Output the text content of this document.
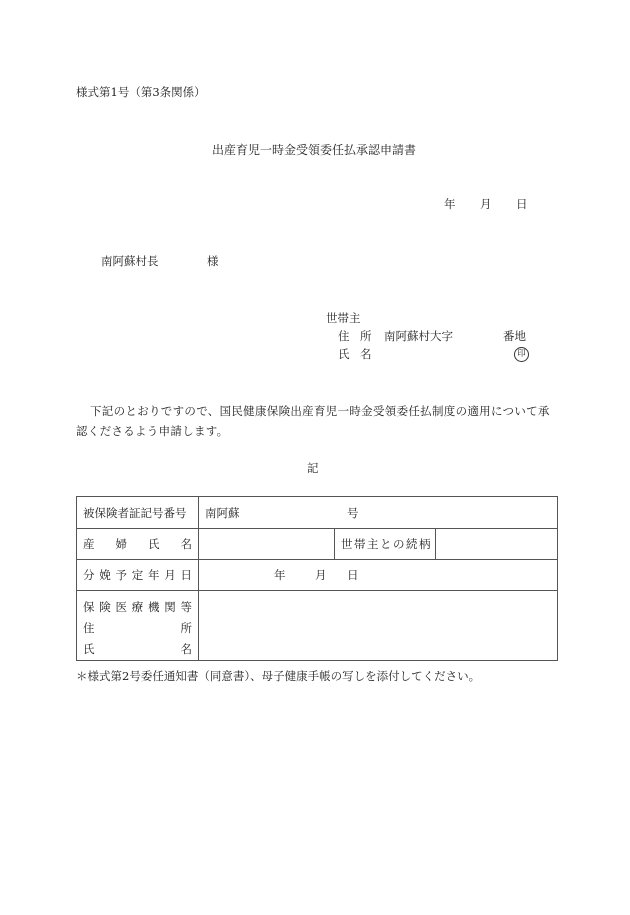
様式第1号（第3条関係）
出産育児一時金受領委任払承認申請書
年 月 日
南阿蘇村長	様
世帯主
住 所 南阿蘇村大字	番地
氏 名	印
下記のとおりですので、国民健康保険出産育児一時金受領委任払制度の適用について承
認くださるよう申請します。
記
被保険者証記号番号	南阿蘇 号		

産 婦 氏 名		世帯主との続柄	

分 娩 予 定 年 月 日	年	月 日

保 険 医 療 機 関 等
住	所
氏	名

＊様式第2号委任通知書（同意書）、母子健康手帳の写しを添付してください。
